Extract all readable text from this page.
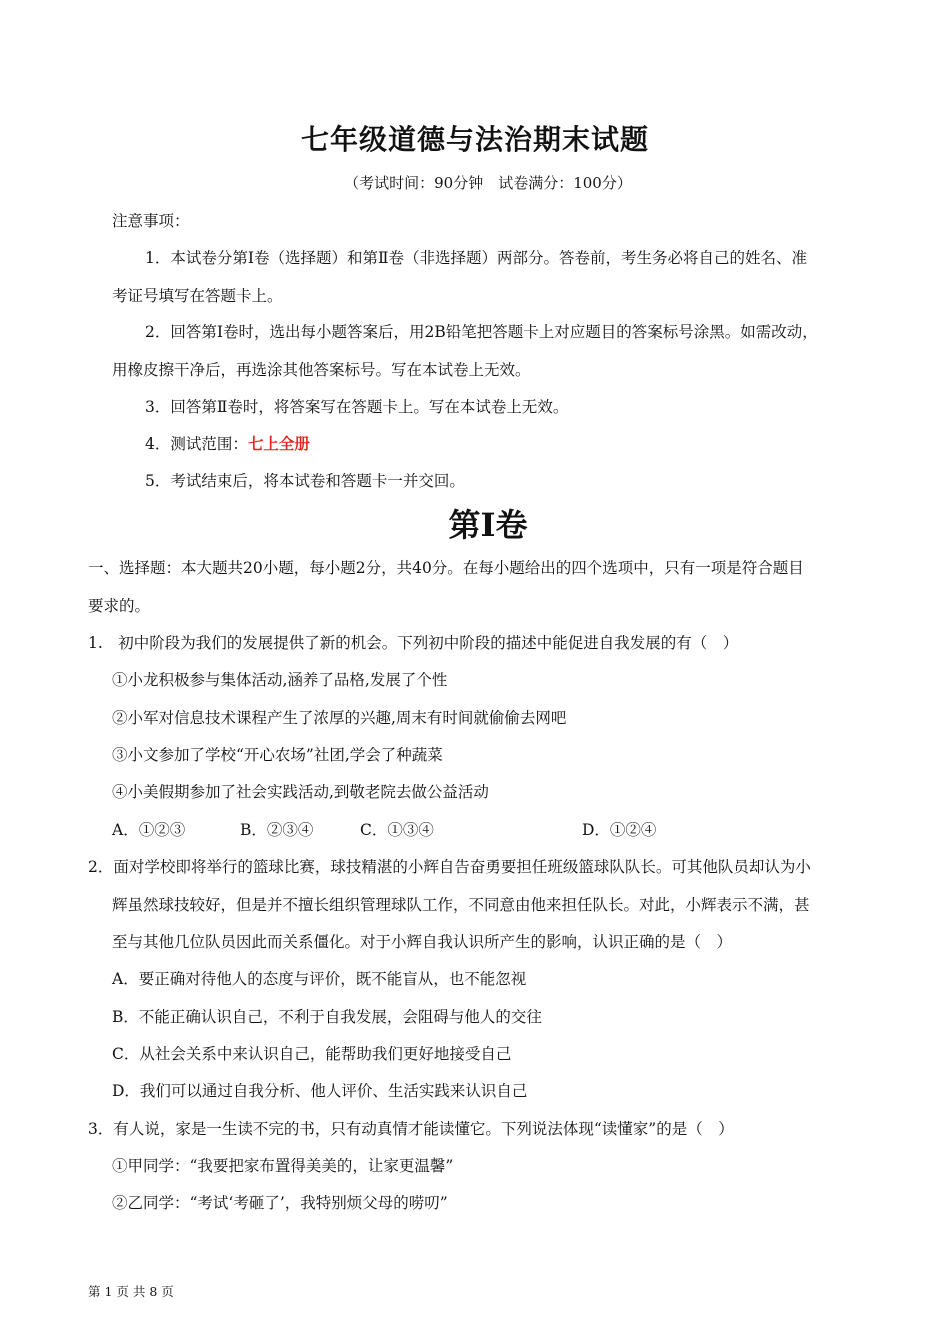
七年级道德与法治期末试题
（考试时间：90分钟　试卷满分：100分）
注意事项：
1．本试卷分第Ⅰ卷（选择题）和第Ⅱ卷（非选择题）两部分。答卷前，考生务必将自己的姓名、准
考证号填写在答题卡上。
2．回答第Ⅰ卷时，选出每小题答案后，用2B铅笔把答题卡上对应题目的答案标号涂黑。如需改动，
用橡皮擦干净后，再选涂其他答案标号。写在本试卷上无效。
3．回答第Ⅱ卷时，将答案写在答题卡上。写在本试卷上无效。
4．测试范围：七上全册
5．考试结束后，将本试卷和答题卡一并交回。
第Ⅰ卷
一、选择题：本大题共20小题，每小题2分，共40分。在每小题给出的四个选项中，只有一项是符合题目
要求的。
1.　初中阶段为我们的发展提供了新的机会。下列初中阶段的描述中能促进自我发展的有（　）
①小龙积极参与集体活动,涵养了品格,发展了个性
②小军对信息技术课程产生了浓厚的兴趣,周末有时间就偷偷去网吧
③小文参加了学校“开心农场”社团,学会了种蔬菜
④小美假期参加了社会实践活动,到敬老院去做公益活动
A．①②③	B．②③④	C．①③④	D．①②④
2．面对学校即将举行的篮球比赛，球技精湛的小辉自告奋勇要担任班级篮球队队长。可其他队员却认为小
辉虽然球技较好，但是并不擅长组织管理球队工作，不同意由他来担任队长。对此，小辉表示不满，甚
至与其他几位队员因此而关系僵化。对于小辉自我认识所产生的影响，认识正确的是（　）
A．要正确对待他人的态度与评价，既不能盲从，也不能忽视
B．不能正确认识自己，不利于自我发展，会阻碍与他人的交往
C．从社会关系中来认识自己，能帮助我们更好地接受自己
D．我们可以通过自我分析、他人评价、生活实践来认识自己
3．有人说，家是一生读不完的书，只有动真情才能读懂它。下列说法体现“读懂家”的是（　）
①甲同学：“我要把家布置得美美的，让家更温馨”
②乙同学：“考试‘考砸了’，我特别烦父母的唠叨”
第 1 页 共 8 页
